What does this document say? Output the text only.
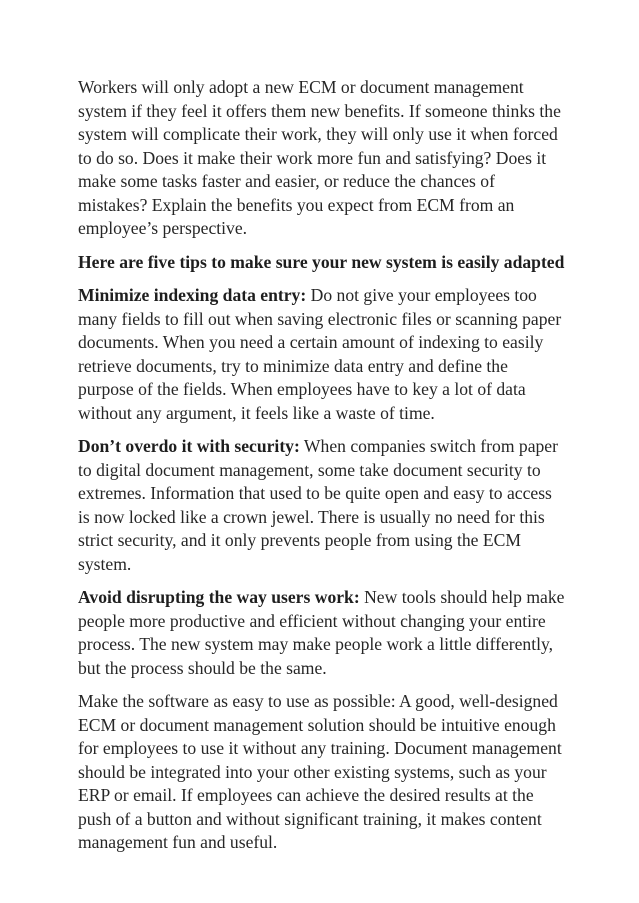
Workers will only adopt a new ECM or document management system if they feel it offers them new benefits. If someone thinks the system will complicate their work, they will only use it when forced to do so. Does it make their work more fun and satisfying? Does it make some tasks faster and easier, or reduce the chances of mistakes? Explain the benefits you expect from ECM from an employee’s perspective.

Here are five tips to make sure your new system is easily adapted

Minimize indexing data entry: Do not give your employees too many fields to fill out when saving electronic files or scanning paper documents. When you need a certain amount of indexing to easily retrieve documents, try to minimize data entry and define the purpose of the fields. When employees have to key a lot of data without any argument, it feels like a waste of time.

Don’t overdo it with security: When companies switch from paper to digital document management, some take document security to extremes. Information that used to be quite open and easy to access is now locked like a crown jewel. There is usually no need for this strict security, and it only prevents people from using the ECM system.

Avoid disrupting the way users work: New tools should help make people more productive and efficient without changing your entire process. The new system may make people work a little differently, but the process should be the same.

Make the software as easy to use as possible: A good, well-designed ECM or document management solution should be intuitive enough for employees to use it without any training. Document management should be integrated into your other existing systems, such as your ERP or email. If employees can achieve the desired results at the push of a button and without significant training, it makes content management fun and useful.
